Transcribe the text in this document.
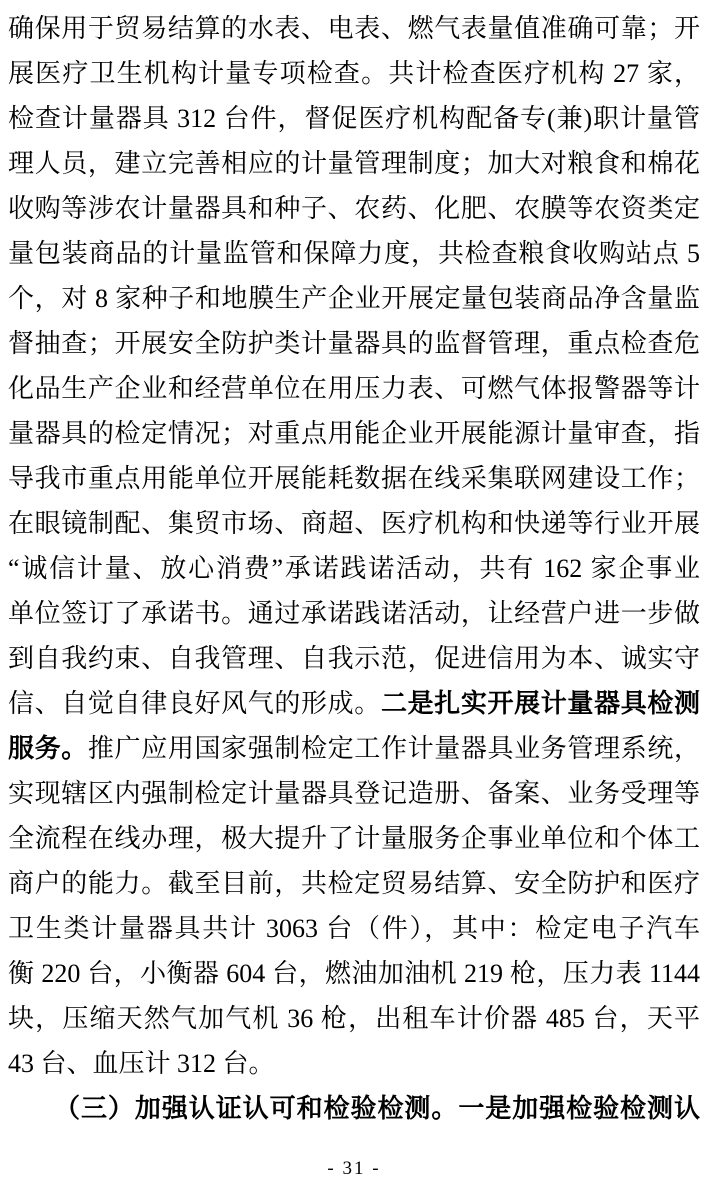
确保用于贸易结算的水表、电表、燃气表量值准确可靠；开
展医疗卫生机构计量专项检查。共计检查医疗机构 27 家，
检查计量器具 312 台件，督促医疗机构配备专(兼)职计量管
理人员，建立完善相应的计量管理制度；加大对粮食和棉花
收购等涉农计量器具和种子、农药、化肥、农膜等农资类定
量包装商品的计量监管和保障力度，共检查粮食收购站点 5
个，对 8 家种子和地膜生产企业开展定量包装商品净含量监
督抽查；开展安全防护类计量器具的监督管理，重点检查危
化品生产企业和经营单位在用压力表、可燃气体报警器等计
量器具的检定情况；对重点用能企业开展能源计量审查，指
导我市重点用能单位开展能耗数据在线采集联网建设工作；
在眼镜制配、集贸市场、商超、医疗机构和快递等行业开展
“诚信计量、放心消费”承诺践诺活动，共有 162 家企事业
单位签订了承诺书。通过承诺践诺活动，让经营户进一步做
到自我约束、自我管理、自我示范，促进信用为本、诚实守
信、自觉自律良好风气的形成。二是扎实开展计量器具检测
服务。推广应用国家强制检定工作计量器具业务管理系统，
实现辖区内强制检定计量器具登记造册、备案、业务受理等
全流程在线办理，极大提升了计量服务企事业单位和个体工
商户的能力。截至目前，共检定贸易结算、安全防护和医疗
卫生类计量器具共计 3063 台（件），其中：检定电子汽车
衡 220 台，小衡器 604 台，燃油加油机 219 枪，压力表 1144
块，压缩天然气加气机 36 枪，出租车计价器 485 台，天平
43 台、血压计 312 台。
（三）加强认证认可和检验检测。一是加强检验检测认
- 31 -
